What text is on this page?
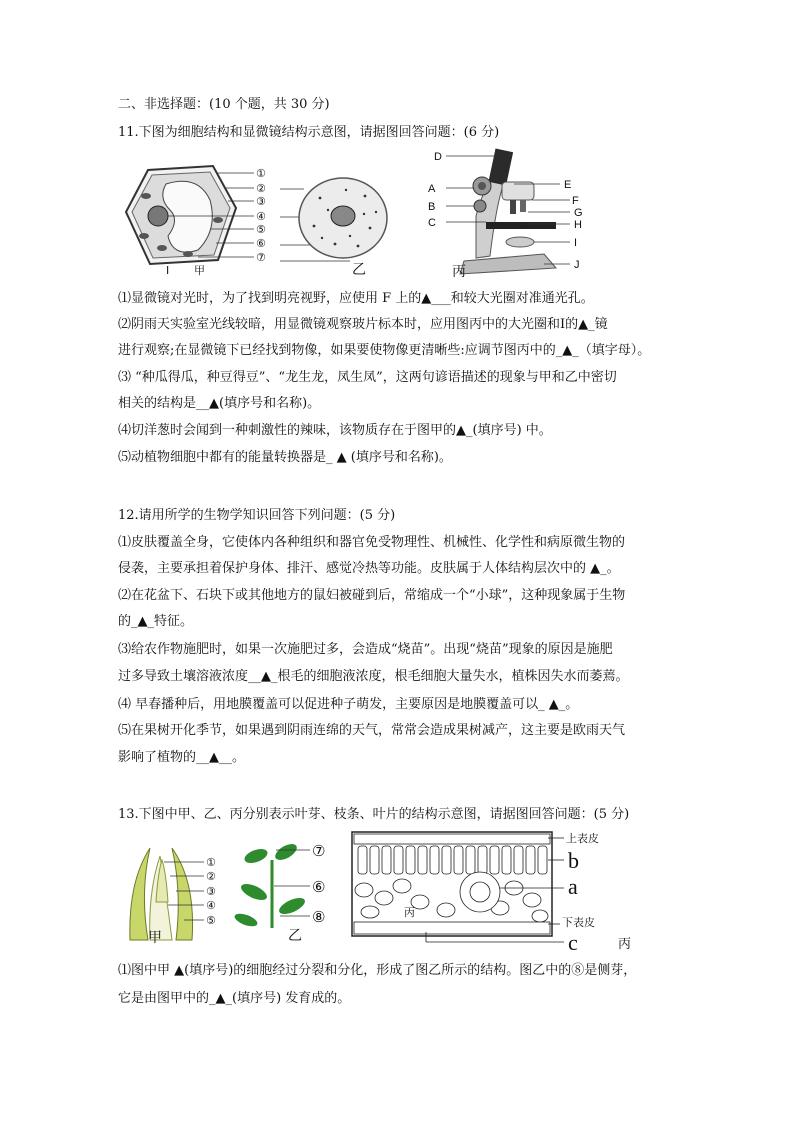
二、非选择题：(10 个题，共 30 分)
11.下图为细胞结构和显微镜结构示意图，请据图回答问题：(6 分)
①
②
③
④
⑤
⑥
⑦
Ⅰ 甲	乙
D
A	E
B	F
G
H
C
I
J
丙
⑴显微镜对光时，为了找到明亮视野，应使用 F 上的▲___和较大光圈对准通光孔。
⑵阴雨天实验室光线较暗，用显微镜观察玻片标本时，应用图丙中的大光圈和Ⅰ的▲_镜
进行观察;在显微镜下已经找到物像，如果要使物像更清晰些:应调节图丙中的_▲_（填字母）。
⑶ “种瓜得瓜，种豆得豆”、“龙生龙，凤生凤”，这两句谚语描述的现象与甲和乙中密切
相关的结构是__▲(填序号和名称)。
⑷切洋葱时会闻到一种刺激性的辣味，该物质存在于图甲的▲_(填序号) 中。
⑸动植物细胞中都有的能量转换器是_ ▲ (填序号和名称)。
12.请用所学的生物学知识回答下列问题：(5 分)
⑴皮肤覆盖全身，它使体内各种组织和器官免受物理性、机械性、化学性和病原微生物的
侵袭，主要承担着保护身体、排汗、感觉冷热等功能。皮肤属于人体结构层次中的 ▲_。
⑵在花盆下、石块下或其他地方的鼠妇被碰到后，常缩成一个“小球”，这种现象属于生物
的_▲_特征。
⑶给农作物施肥时，如果一次施肥过多，会造成“烧苗”。出现“烧苗”现象的原因是施肥
过多导致土壤溶液浓度__▲_根毛的细胞液浓度，根毛细胞大量失水，植株因失水而萎蔫。
⑷ 早春播种后，用地膜覆盖可以促进种子萌发，主要原因是地膜覆盖可以_ ▲_。
⑸在果树开化季节，如果遇到阴雨连绵的天气，常常会造成果树减产，这主要是欧雨天气
影响了植物的__▲__。
13.下图中甲、乙、丙分别表示叶芽、枝条、叶片的结构示意图，请据图回答问题：(5 分)
①
②
③
④
⑤
甲
⑦
⑥
⑧
乙
上表皮
b
a
丙
下表皮
c	丙
⑴图中甲 ▲(填序号)的细胞经过分裂和分化，形成了图乙所示的结构。图乙中的⑧是侧芽，
它是由图甲中的_▲_(填序号) 发育成的。
